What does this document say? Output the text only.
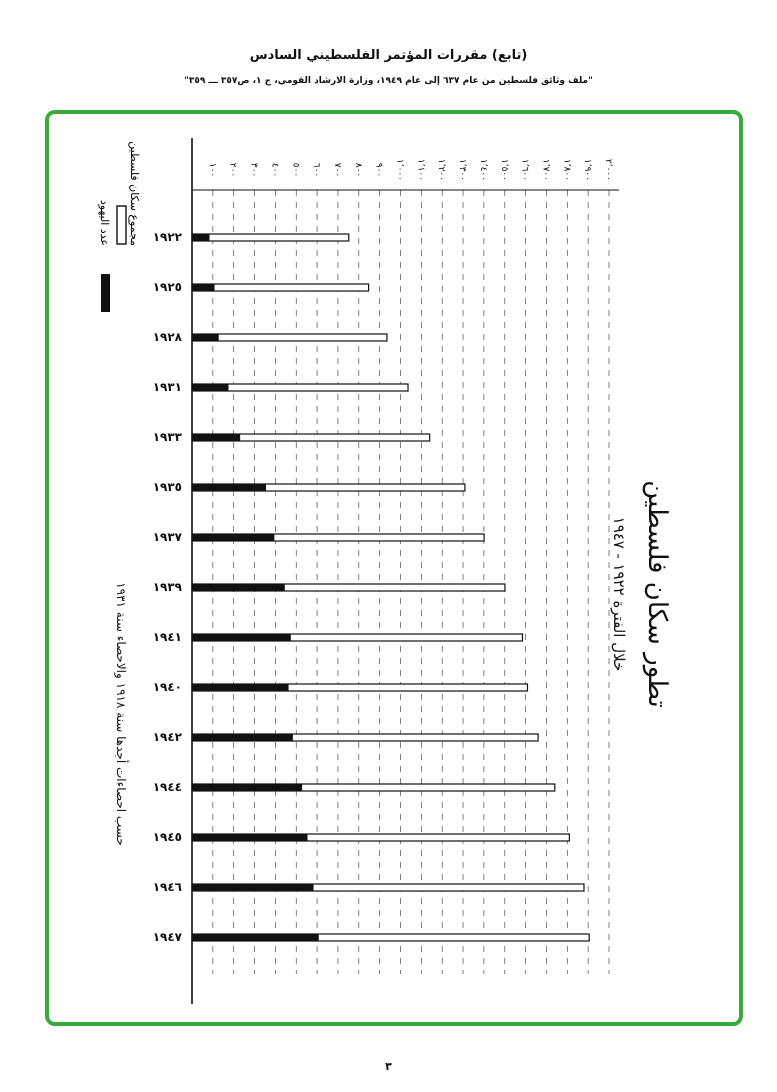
(تابع) مقررات المؤتمر الفلسطيني السادس
"ملف وثائق فلسطين من عام ٦٣٧ إلى عام ١٩٤٩، وزارة الارشاد القومي، ج ١، ص٣٥٧ ـــ ٣٥٩"
١٠٠ ٢٠٠ ٣٠٠ ٤٠٠ ٥٠٠ ٦٠٠ ٧٠٠ ٨٠٠ ٩٠٠ ١٬٠٠٠ ١٬١٠٠ ١٬٢٠٠ ١٬٣٠٠ ١٬٤٠٠ ١٬٥٠٠ ١٬٦٠٠ ١٬٧٠٠ ١٬٨٠٠ ١٬٩٠٠ ٢٬٠٠٠
١٩٢٢
١٩٢٥
١٩٢٨
١٩٣١
١٩٣٣
١٩٣٥
١٩٣٧
١٩٣٩
١٩٤١
١٩٤٠
١٩٤٢
١٩٤٤
١٩٤٥
١٩٤٦
١٩٤٧
مجموع سكان فلسطين
عدد اليهود
تطور سكان فلسطين
خلال الفترة ١٩٢٢ - ١٩٤٧
حسب احصاءات أجدها سنة ١٩١٨ والاحصاء سنة ١٩٣١
٣
